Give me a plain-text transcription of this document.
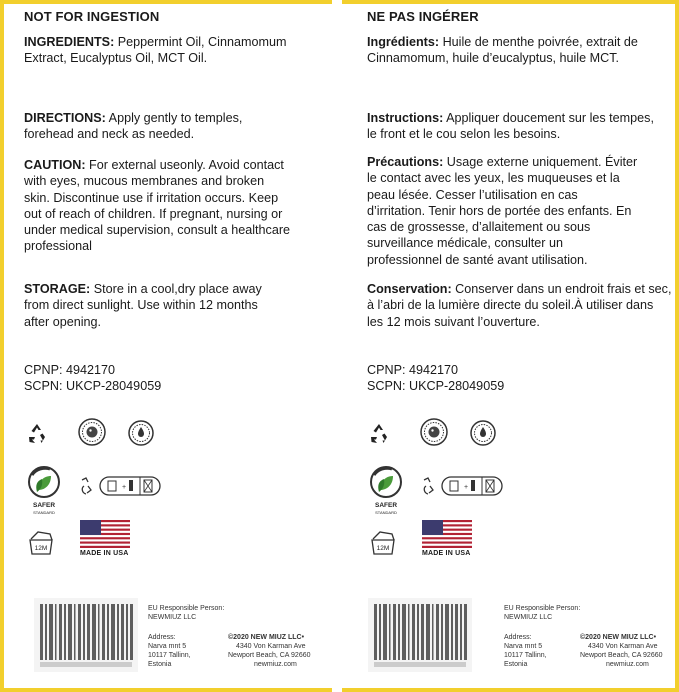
NOT FOR INGESTION

INGREDIENTS: Peppermint Oil, Cinnamomum Extract, Eucalyptus Oil, MCT Oil.

DIRECTIONS: Apply gently to temples, forehead and neck as needed.

CAUTION: For external useonly. Avoid contact with eyes, mucous membranes and broken skin. Discontinue use if irritation occurs. Keep out of reach of children. If pregnant, nursing or under medical supervision, consult a healthcare professional

STORAGE: Store in a cool,dry place away from direct sunlight. Use within 12 months after opening.

CPNP: 4942170
SCPN: UKCP-28049059
SAFER
STANDARD
+
12M
MADE IN USA
EU Responsible Person:
NEWMIUZ LLC
Address:
Narva mnt 5
10117 Tallinn,
Estonia
©2020 NEW MIUZ LLC•
4340 Von Karman Ave
Newport Beach, CA 92660
newmiuz.com
NE PAS INGÉRER

Ingrédients: Huile de menthe poivrée, extrait de Cinnamomum, huile d’eucalyptus, huile MCT.

Instructions: Appliquer doucement sur les tempes, le front et le cou selon les besoins.

Précautions: Usage externe uniquement. Éviter le contact avec les yeux, les muqueuses et la peau lésée. Cesser l’utilisation en cas d’irritation. Tenir hors de portée des enfants. En cas de grossesse, d’allaitement ou sous surveillance médicale, consulter un professionnel de santé avant utilisation.

Conservation: Conserver dans un endroit frais et sec, à l’abri de la lumière directe du soleil.À utiliser dans les 12 mois suivant l’ouverture.

CPNP: 4942170
SCPN: UKCP-28049059
SAFER
STANDARD
+
12M
MADE IN USA
EU Responsible Person:
NEWMIUZ LLC
Address:
Narva mnt 5
10117 Tallinn,
Estonia
©2020 NEW MIUZ LLC•
4340 Von Karman Ave
Newport Beach, CA 92660
newmiuz.com
